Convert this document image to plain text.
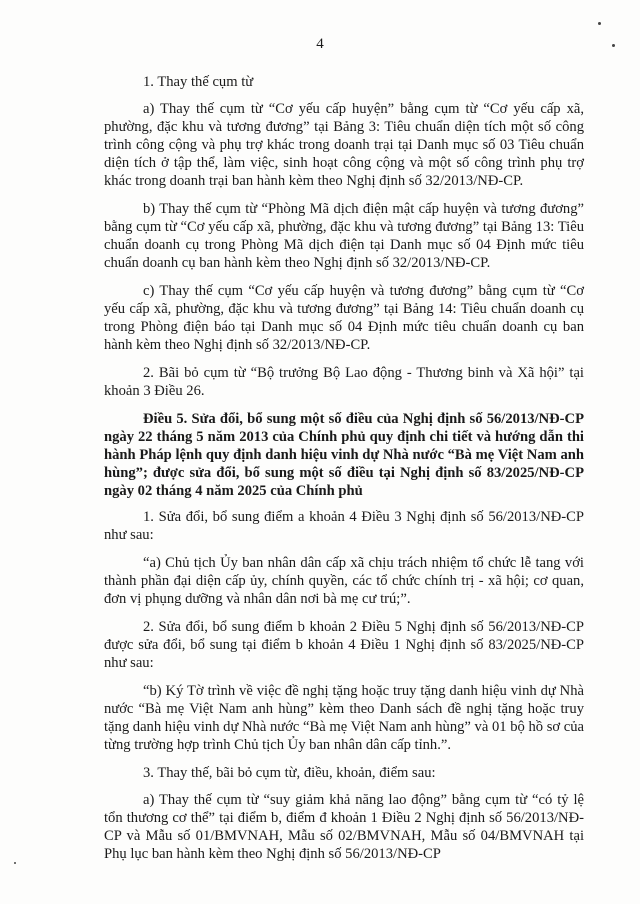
4

1. Thay thế cụm từ

a) Thay thế cụm từ “Cơ yếu cấp huyện” bằng cụm từ “Cơ yếu cấp xã, phường, đặc khu và tương đương” tại Bảng 3: Tiêu chuẩn diện tích một số công trình công cộng và phụ trợ khác trong doanh trại tại Danh mục số 03 Tiêu chuẩn diện tích ở tập thể, làm việc, sinh hoạt công cộng và một số công trình phụ trợ khác trong doanh trại ban hành kèm theo Nghị định số 32/2013/NĐ-CP.

b) Thay thế cụm từ “Phòng Mã dịch điện mật cấp huyện và tương đương” bằng cụm từ “Cơ yếu cấp xã, phường, đặc khu và tương đương” tại Bảng 13: Tiêu chuẩn doanh cụ trong Phòng Mã dịch điện tại Danh mục số 04 Định mức tiêu chuẩn doanh cụ ban hành kèm theo Nghị định số 32/2013/NĐ-CP.

c) Thay thế cụm “Cơ yếu cấp huyện và tương đương” bằng cụm từ “Cơ yếu cấp xã, phường, đặc khu và tương đương” tại Bảng 14: Tiêu chuẩn doanh cụ trong Phòng điện báo tại Danh mục số 04 Định mức tiêu chuẩn doanh cụ ban hành kèm theo Nghị định số 32/2013/NĐ-CP.

2. Bãi bỏ cụm từ “Bộ trưởng Bộ Lao động - Thương binh và Xã hội” tại khoản 3 Điều 26.

Điều 5. Sửa đổi, bổ sung một số điều của Nghị định số 56/2013/NĐ-CP ngày 22 tháng 5 năm 2013 của Chính phủ quy định chi tiết và hướng dẫn thi hành Pháp lệnh quy định danh hiệu vinh dự Nhà nước “Bà mẹ Việt Nam anh hùng”; được sửa đổi, bổ sung một số điều tại Nghị định số 83/2025/NĐ-CP ngày 02 tháng 4 năm 2025 của Chính phủ

1. Sửa đổi, bổ sung điểm a khoản 4 Điều 3 Nghị định số 56/2013/NĐ-CP như sau:

“a) Chủ tịch Ủy ban nhân dân cấp xã chịu trách nhiệm tổ chức lễ tang với thành phần đại diện cấp ủy, chính quyền, các tổ chức chính trị - xã hội; cơ quan, đơn vị phụng dưỡng và nhân dân nơi bà mẹ cư trú;”.

2. Sửa đổi, bổ sung điểm b khoản 2 Điều 5 Nghị định số 56/2013/NĐ-CP được sửa đổi, bổ sung tại điểm b khoản 4 Điều 1 Nghị định số 83/2025/NĐ-CP như sau:

“b) Ký Tờ trình về việc đề nghị tặng hoặc truy tặng danh hiệu vinh dự Nhà nước “Bà mẹ Việt Nam anh hùng” kèm theo Danh sách đề nghị tặng hoặc truy tặng danh hiệu vinh dự Nhà nước “Bà mẹ Việt Nam anh hùng” và 01 bộ hồ sơ của từng trường hợp trình Chủ tịch Ủy ban nhân dân cấp tỉnh.”.

3. Thay thế, bãi bỏ cụm từ, điều, khoản, điểm sau:

a) Thay thế cụm từ “suy giảm khả năng lao động” bằng cụm từ “có tỷ lệ tổn thương cơ thể” tại điểm b, điểm đ khoản 1 Điều 2 Nghị định số 56/2013/NĐ-CP và Mẫu số 01/BMVNAH, Mẫu số 02/BMVNAH, Mẫu số 04/BMVNAH tại Phụ lục ban hành kèm theo Nghị định số 56/2013/NĐ-CP
